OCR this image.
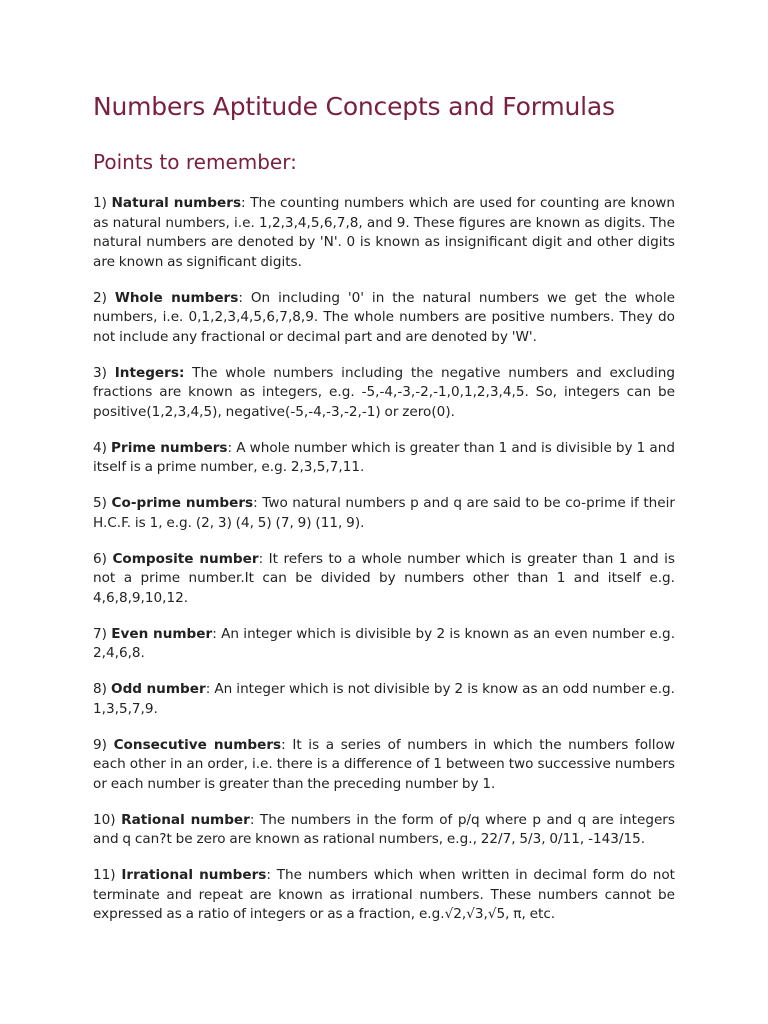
Numbers Aptitude Concepts and Formulas
Points to remember:

1) Natural numbers: The counting numbers which are used for counting are known as natural numbers, i.e. 1,2,3,4,5,6,7,8, and 9. These figures are known as digits. The natural numbers are denoted by 'N'. 0 is known as insignificant digit and other digits are known as significant digits.

2) Whole numbers: On including '0' in the natural numbers we get the whole numbers, i.e. 0,1,2,3,4,5,6,7,8,9. The whole numbers are positive numbers. They do not include any fractional or decimal part and are denoted by 'W'.

3) Integers: The whole numbers including the negative numbers and excluding fractions are known as integers, e.g. -5,-4,-3,-2,-1,0,1,2,3,4,5. So, integers can be positive(1,2,3,4,5), negative(-5,-4,-3,-2,-1) or zero(0).

4) Prime numbers: A whole number which is greater than 1 and is divisible by 1 and itself is a prime number, e.g. 2,3,5,7,11.

5) Co-prime numbers: Two natural numbers p and q are said to be co-prime if their H.C.F. is 1, e.g. (2, 3) (4, 5) (7, 9) (11, 9).

6) Composite number: It refers to a whole number which is greater than 1 and is not a prime number.It can be divided by numbers other than 1 and itself e.g. 4,6,8,9,10,12.

7) Even number: An integer which is divisible by 2 is known as an even number e.g. 2,4,6,8.

8) Odd number: An integer which is not divisible by 2 is know as an odd number e.g. 1,3,5,7,9.

9) Consecutive numbers: It is a series of numbers in which the numbers follow each other in an order, i.e. there is a difference of 1 between two successive numbers or each number is greater than the preceding number by 1.

10) Rational number: The numbers in the form of p/q where p and q are integers and q can?t be zero are known as rational numbers, e.g., 22/7, 5/3, 0/11, -143/15.

11) Irrational numbers: The numbers which when written in decimal form do not terminate and repeat are known as irrational numbers. These numbers cannot be expressed as a ratio of integers or as a fraction, e.g.√2,√3,√5, π, etc.
